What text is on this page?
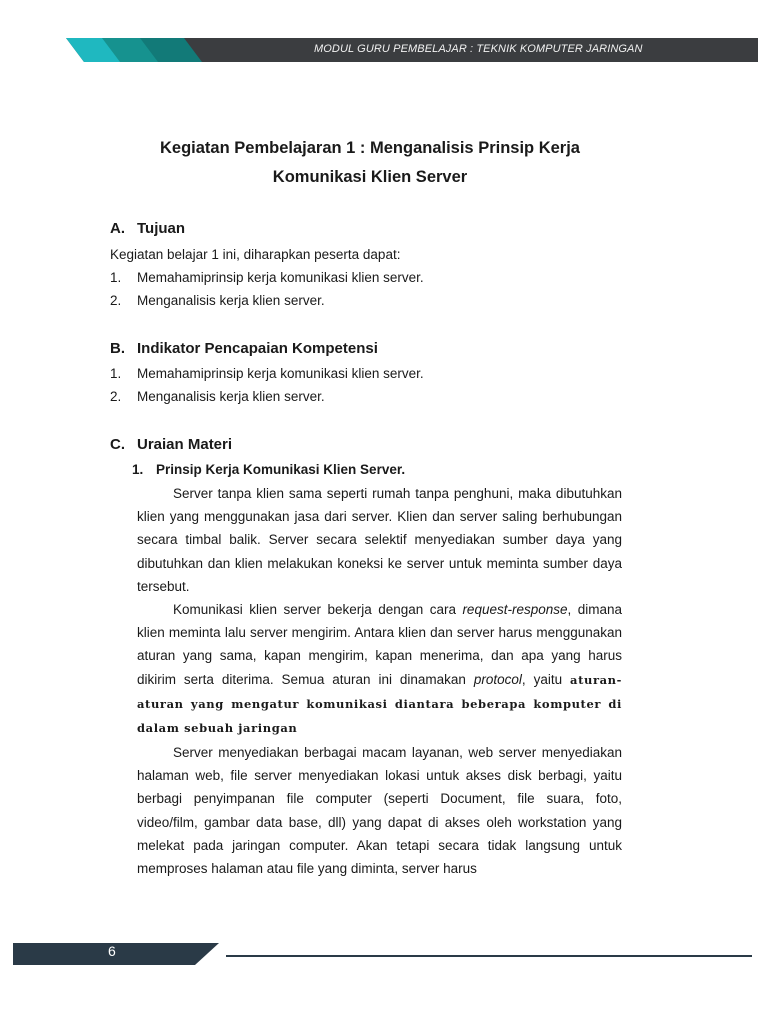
MODUL GURU PEMBELAJAR : TEKNIK KOMPUTER JARINGAN
Kegiatan Pembelajaran 1 : Menganalisis Prinsip Kerja
Komunikasi Klien Server
A. Tujuan
Kegiatan belajar 1 ini, diharapkan peserta dapat:
1. Memahamiprinsip kerja komunikasi klien server.
2. Menganalisis kerja klien server.
B. Indikator Pencapaian Kompetensi
1. Memahamiprinsip kerja komunikasi klien server.
2. Menganalisis kerja klien server.
C. Uraian Materi
1. Prinsip Kerja Komunikasi Klien Server.
Server tanpa klien sama seperti rumah tanpa penghuni, maka dibutuhkan klien yang menggunakan jasa dari server. Klien dan server saling berhubungan secara timbal balik. Server secara selektif menyediakan sumber daya yang dibutuhkan dan klien melakukan koneksi ke server untuk meminta sumber daya tersebut.
Komunikasi klien server bekerja dengan cara request-response, dimana klien meminta lalu server mengirim. Antara klien dan server harus menggunakan aturan yang sama, kapan mengirim, kapan menerima, dan apa yang harus dikirim serta diterima. Semua aturan ini dinamakan protocol, yaitu aturan-aturan yang mengatur komunikasi diantara beberapa komputer di dalam sebuah jaringan
Server menyediakan berbagai macam layanan, web server menyediakan halaman web, file server menyediakan lokasi untuk akses disk berbagi, yaitu berbagi penyimpanan file computer (seperti Document, file suara, foto, video/film, gambar data base, dll) yang dapat di akses oleh workstation yang melekat pada jaringan computer. Akan tetapi secara tidak langsung untuk memproses halaman atau file yang diminta, server harus
6
